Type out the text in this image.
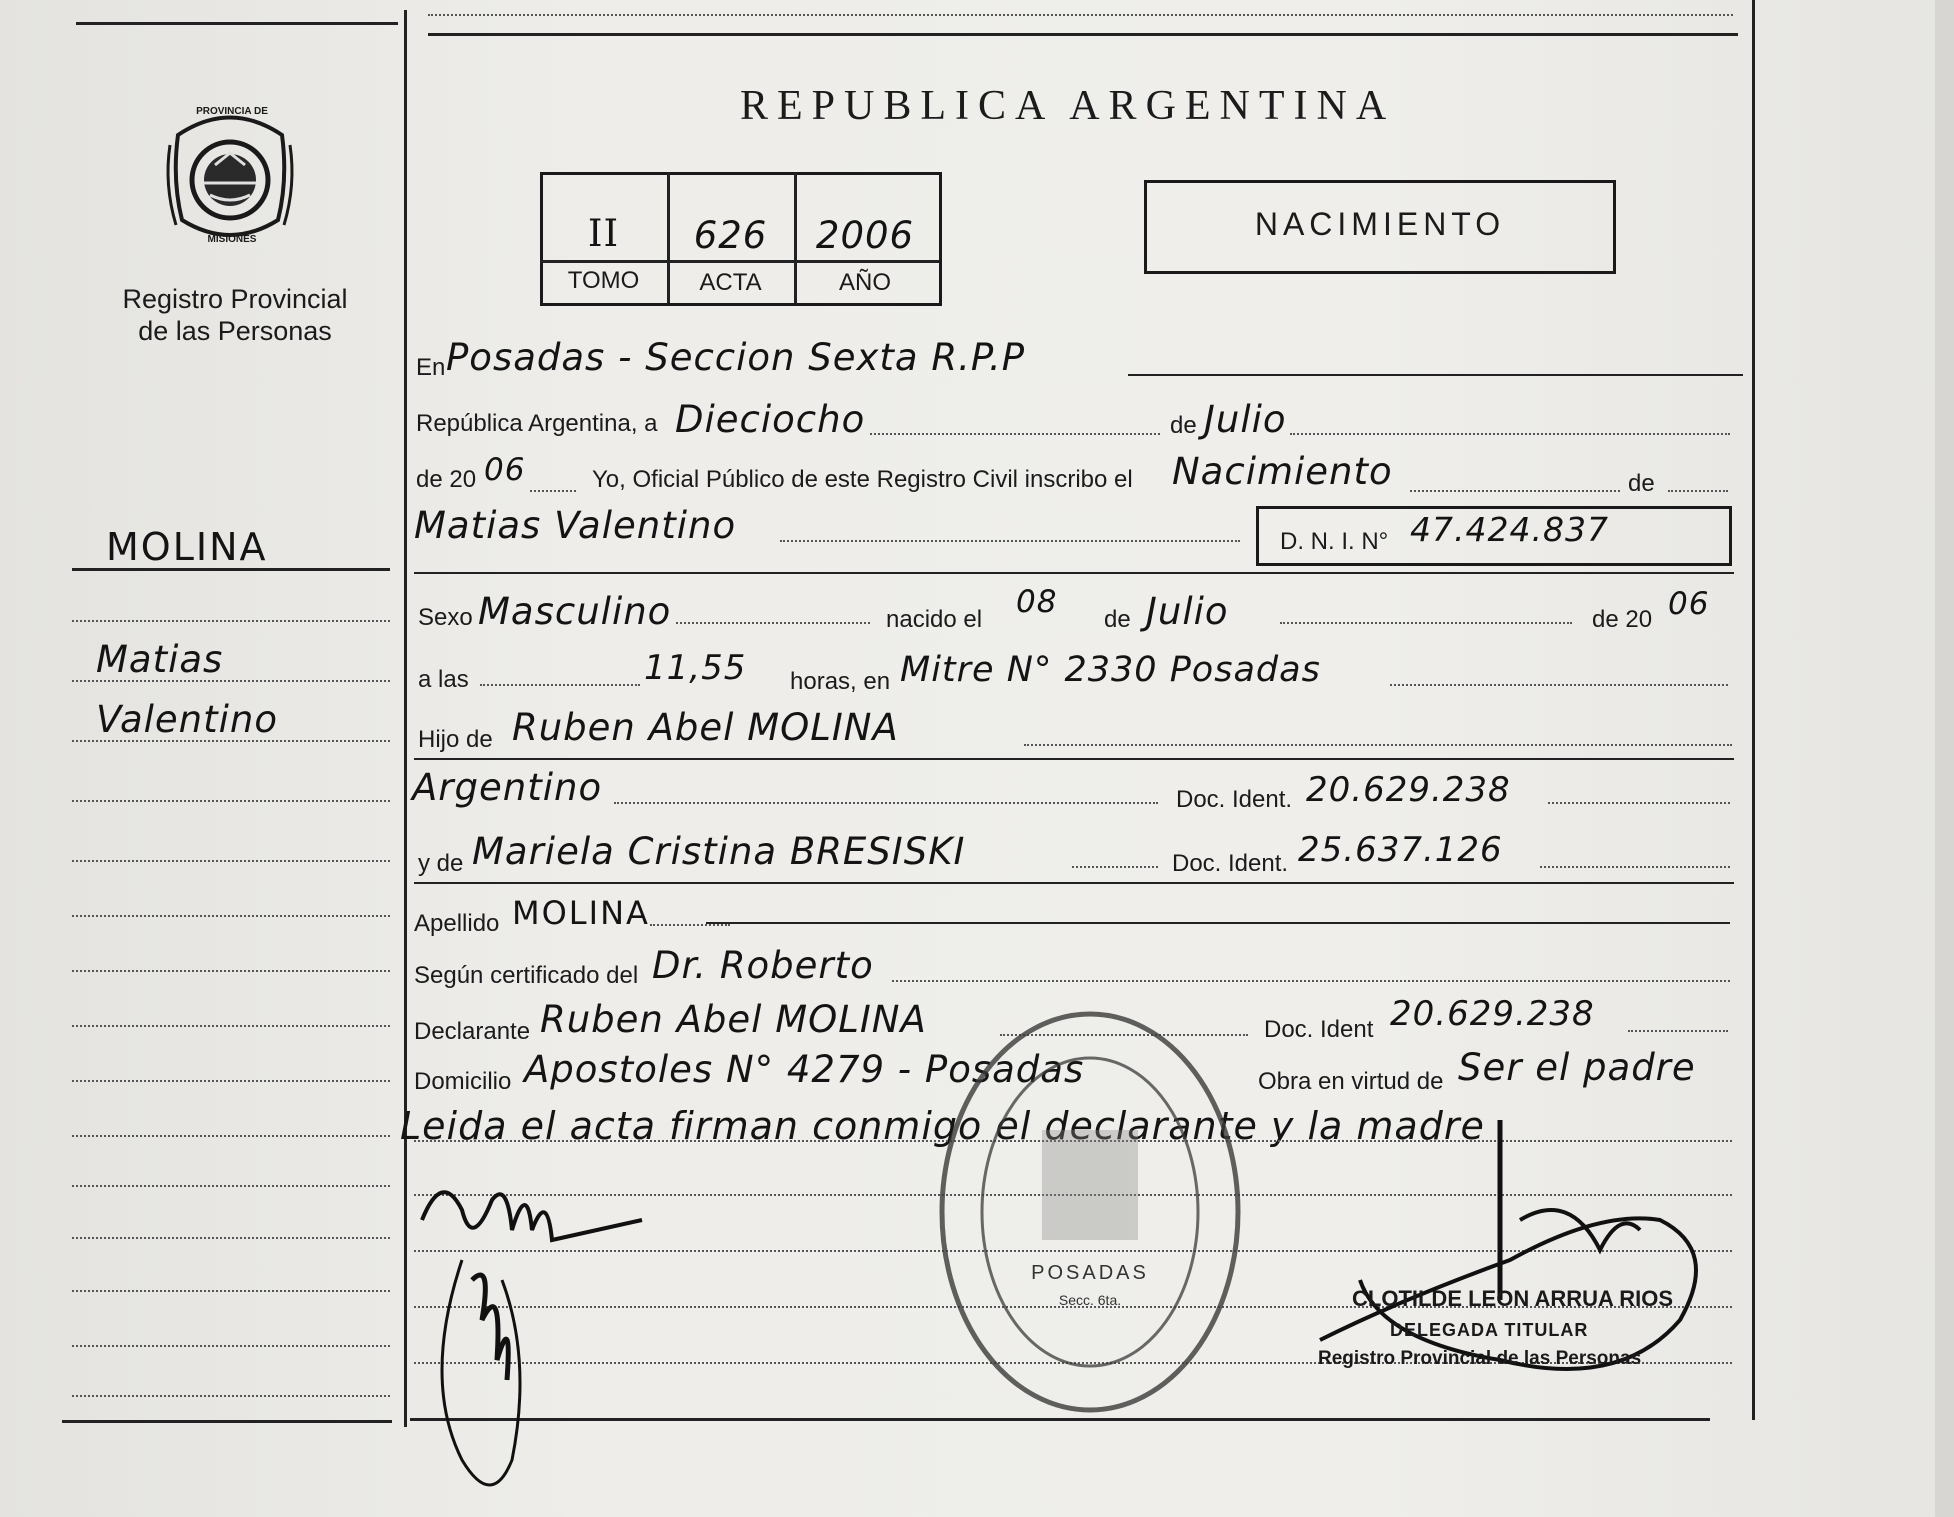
PROVINCIA DE
MISIONES
Registro Provincial
de las Personas
MOLINA
Matias
Valentino
REPUBLICA ARGENTINA
II	626	2006
TOMO	ACTA	AÑO
NACIMIENTO
En Posadas - Seccion Sexta R.P.P
República Argentina, a Dieciocho	de Julio
de 20 06	Yo, Oficial Público de este Registro Civil inscribo el Nacimiento	de
Matias Valentino	D. N. I. N° 47.424.837
Sexo Masculino	nacido el 08 de Julio	de 20 06
a las	11,55 horas, en Mitre N° 2330 Posadas
Hijo de Ruben Abel MOLINA
Argentino	Doc. Ident. 20.629.238
y de Mariela Cristina BRESISKI	Doc. Ident. 25.637.126
Apellido MOLINA
Según certificado del Dr. Roberto
Declarante Ruben Abel MOLINA	Doc. Ident 20.629.238
Domicilio Apostoles N° 4279 - Posadas	Obra en virtud de Ser el padre
Leida el acta firman conmigo el declarante y la madre
POSADAS
Secc. 6ta.	CLOTILDE LEON ARRUA RIOS
DELEGADA TITULAR
Registro Provincial de las Personas
